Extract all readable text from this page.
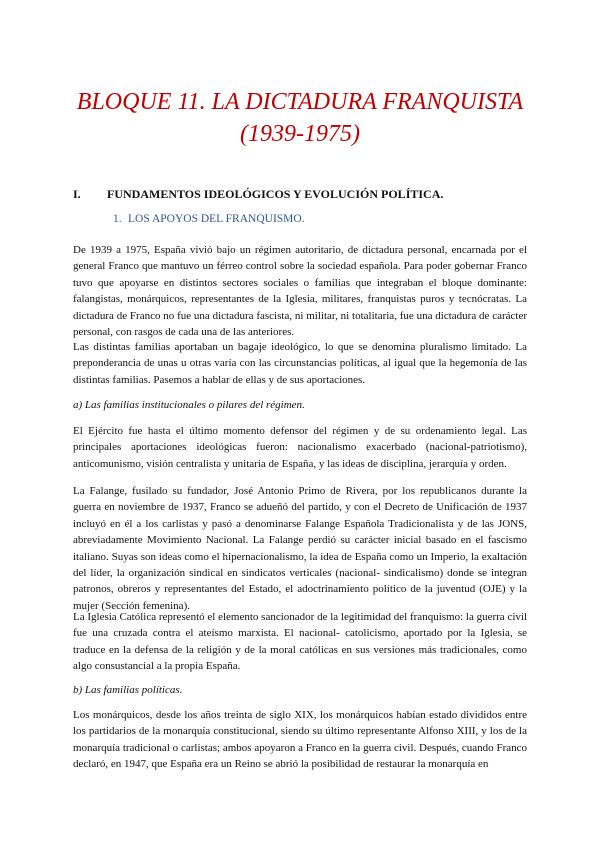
BLOQUE 11. LA DICTADURA FRANQUISTA
(1939-1975)
I. FUNDAMENTOS IDEOLÓGICOS Y EVOLUCIÓN POLÍTICA.
1. LOS APOYOS DEL FRANQUISMO.

De 1939 a 1975, España vivió bajo un régimen autoritario, de dictadura personal, encarnada por el general Franco que mantuvo un férreo control sobre la sociedad española. Para poder gobernar Franco tuvo que apoyarse en distintos sectores sociales o familias que integraban el bloque dominante: falangistas, monárquicos, representantes de la Iglesia, militares, franquistas puros y tecnócratas. La dictadura de Franco no fue una dictadura fascista, ni militar, ni totalitaria, fue una dictadura de carácter personal, con rasgos de cada una de las anteriores.

Las distintas familias aportaban un bagaje ideológico, lo que se denomina pluralismo limitado. La preponderancia de unas u otras varía con las circunstancias políticas, al igual que la hegemonía de las distintas familias. Pasemos a hablar de ellas y de sus aportaciones.

a) Las familias institucionales o pilares del régimen.

El Ejército fue hasta el último momento defensor del régimen y de su ordenamiento legal. Las principales aportaciones ideológicas fueron: nacionalismo exacerbado (nacional-patriotismo), anticomunismo, visión centralista y unitaria de España, y las ideas de disciplina, jerarquía y orden.

La Falange, fusilado su fundador, José Antonio Primo de Rivera, por los republicanos durante la guerra en noviembre de 1937, Franco se adueñó del partido, y con el Decreto de Unificación de 1937 incluyó en él a los carlistas y pasó a denominarse Falange Española Tradicionalista y de las JONS, abreviadamente Movimiento Nacional. La Falange perdió su carácter inicial basado en el fascismo italiano. Suyas son ideas como el hipernacionalismo, la idea de España como un Imperio, la exaltación del líder, la organización sindical en sindicatos verticales (nacional- sindicalismo) donde se integran patronos, obreros y representantes del Estado, el adoctrinamiento político de la juventud (OJE) y la mujer (Sección femenina).

La Iglesia Católica representó el elemento sancionador de la legitimidad del franquismo: la guerra civil fue una cruzada contra el ateísmo marxista. El nacional- catolicismo, aportado por la Iglesia, se traduce en la defensa de la religión y de la moral católicas en sus versiones más tradicionales, como algo consustancial a la propia España.

b) Las familias políticas.

Los monárquicos, desde los años treinta de siglo XIX, los monárquicos habían estado divididos entre los partidarios de la monarquía constitucional, siendo su último representante Alfonso XIII, y los de la monarquía tradicional o carlistas; ambos apoyaron a Franco en la guerra civil. Después, cuando Franco declaró, en 1947, que España era un Reino se abrió la posibilidad de restaurar la monarquía en
